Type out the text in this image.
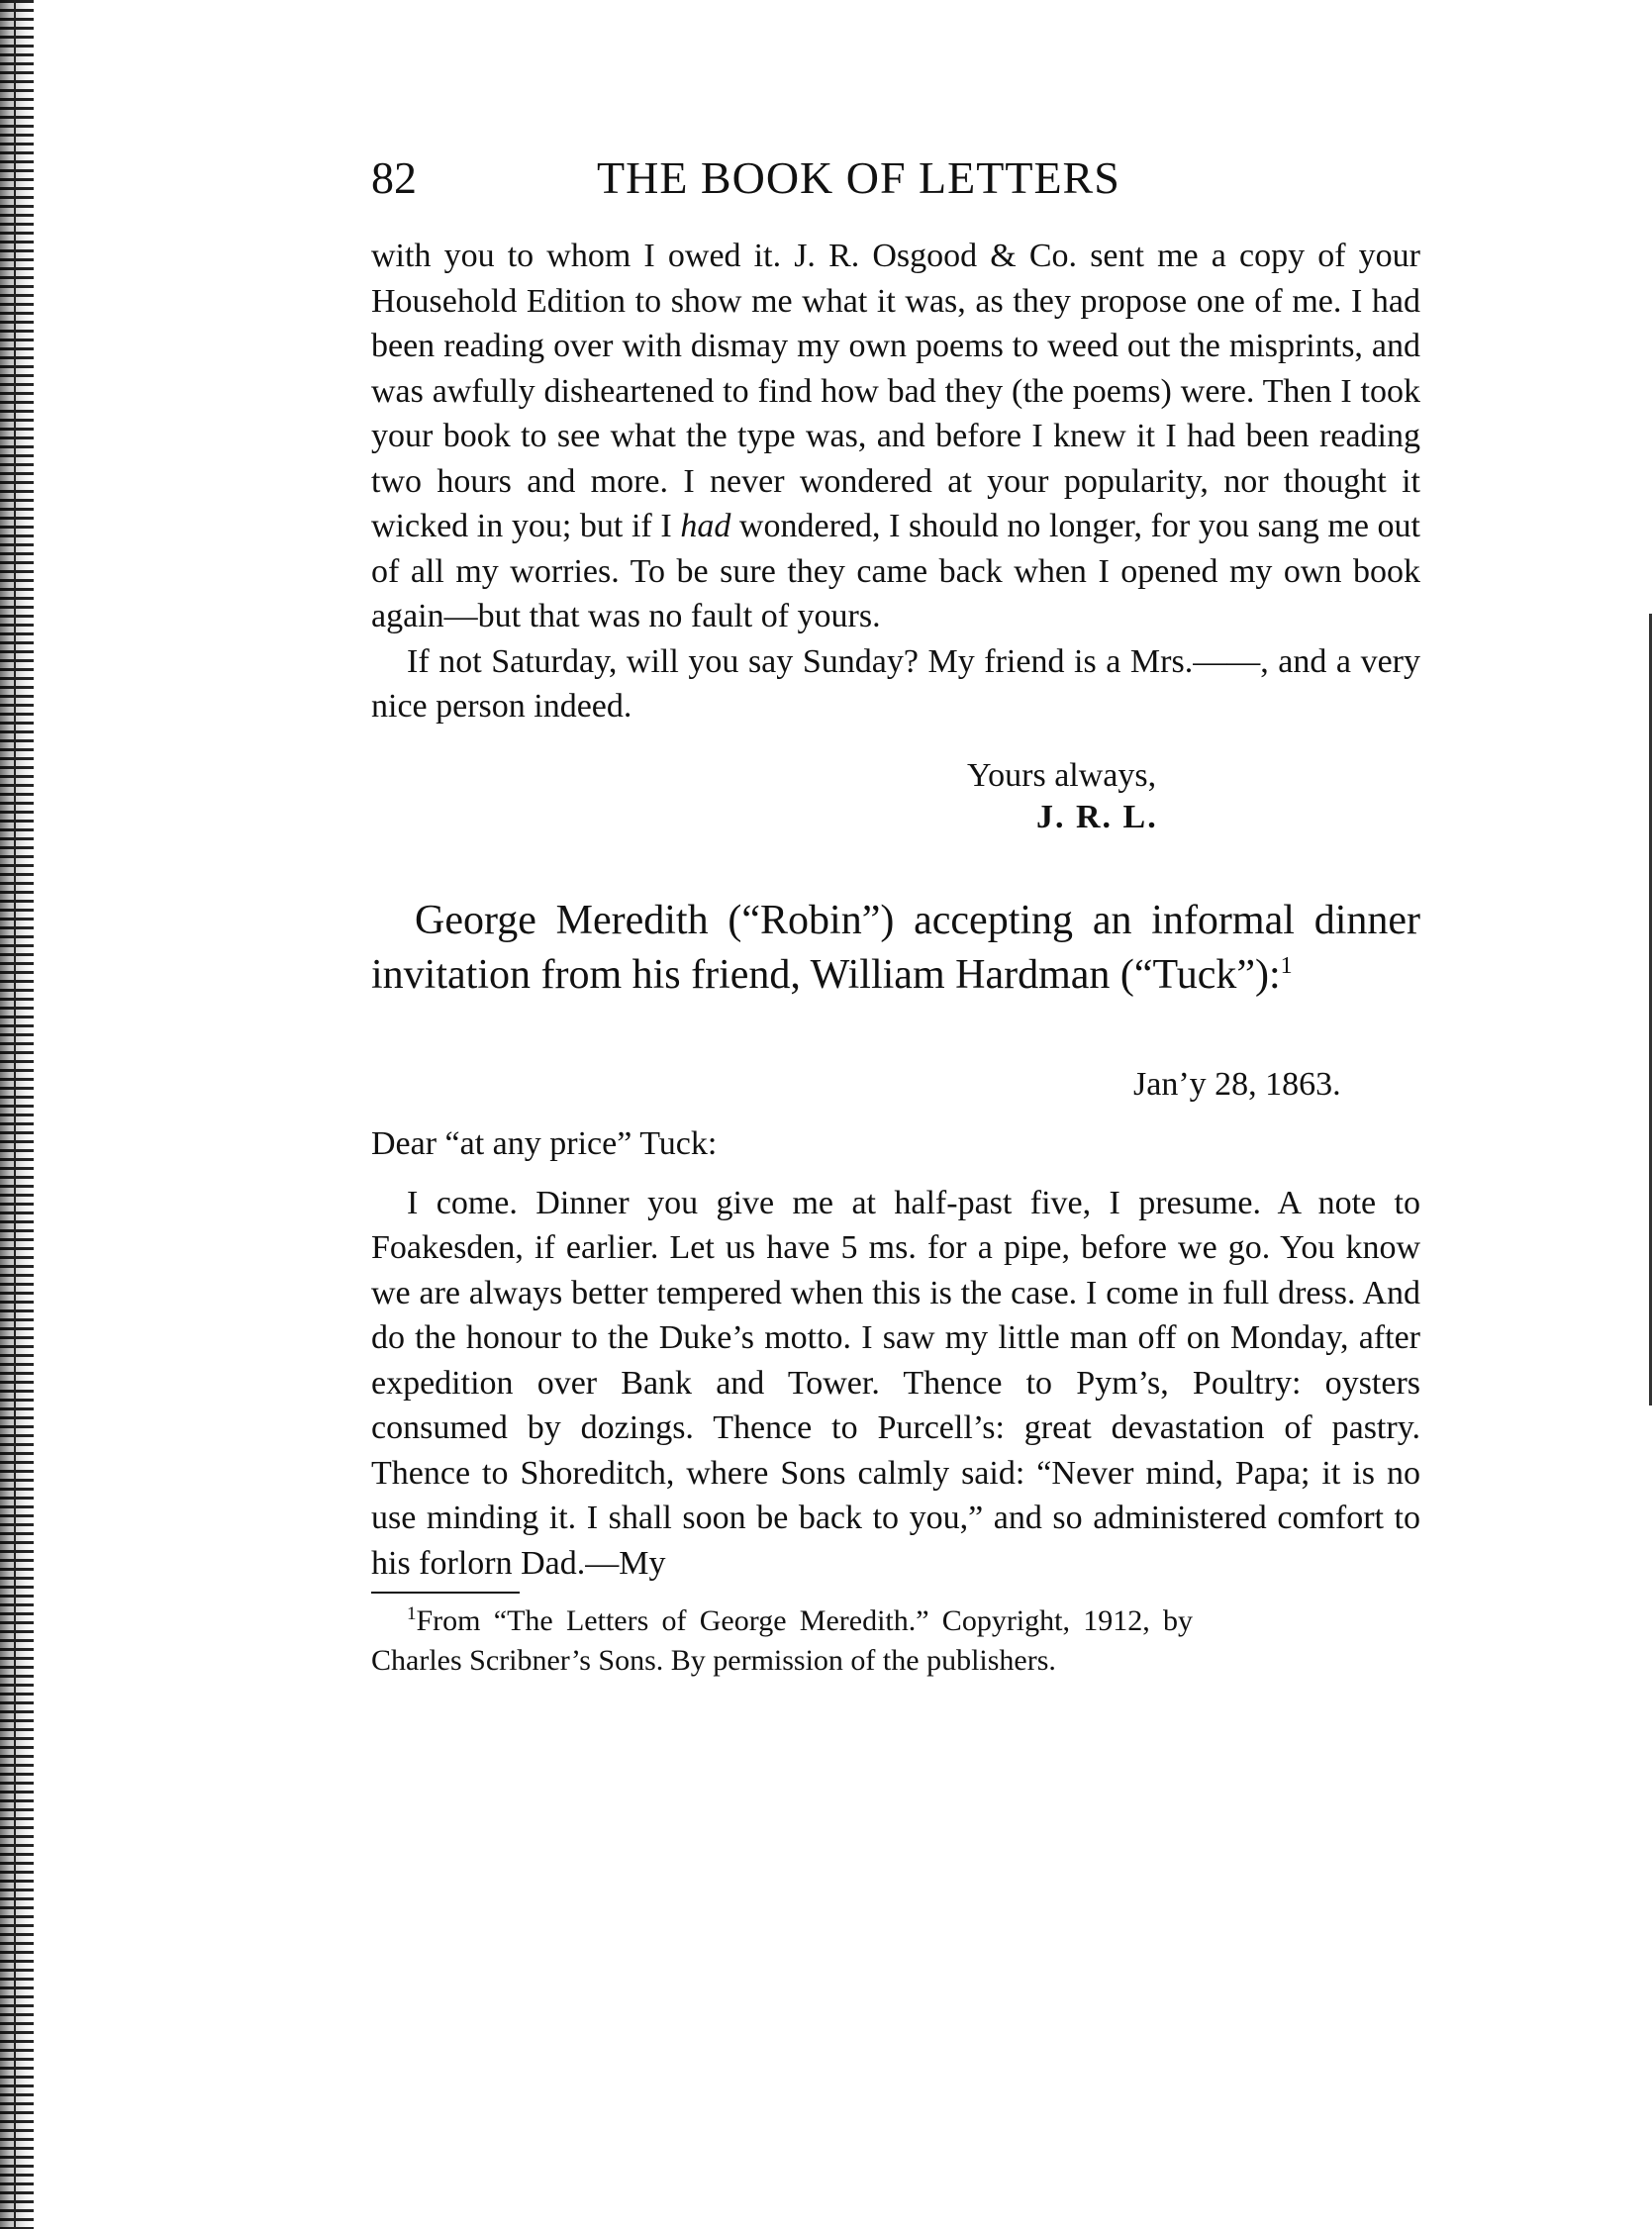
82	THE BOOK OF LETTERS

with you to whom I owed it. J. R. Osgood & Co. sent me a copy of your Household Edition to show me what it was, as they propose one of me. I had been reading over with dismay my own poems to weed out the misprints, and was awfully disheartened to find how bad they (the poems) were. Then I took your book to see what the type was, and before I knew it I had been reading two hours and more. I never wondered at your popularity, nor thought it wicked in you; but if I had wondered, I should no longer, for you sang me out of all my worries. To be sure they came back when I opened my own book again—but that was no fault of yours.

If not Saturday, will you say Sunday? My friend is a Mrs.——, and a very nice person indeed.

Yours always,
J. R. L.

George Meredith (“Robin”) accepting an informal dinner invitation from his friend, William Hardman (“Tuck”):$^1$

Jan’y 28, 1863.
Dear “at any price” Tuck:

I come. Dinner you give me at half-past five, I presume. A note to Foakesden, if earlier. Let us have 5 ms. for a pipe, before we go. You know we are always better tempered when this is the case. I come in full dress. And do the honour to the Duke’s motto. I saw my little man off on Monday, after expedition over Bank and Tower. Thence to Pym’s, Poultry: oysters consumed by dozings. Thence to Purcell’s: great devastation of pastry. Thence to Shoreditch, where Sons calmly said: “Never mind, Papa; it is no use minding it. I shall soon be back to you,” and so administered comfort to his forlorn Dad.—My

$^1$From “The Letters of George Meredith.” Copyright, 1912, by Charles Scribner’s Sons. By permission of the publishers.
